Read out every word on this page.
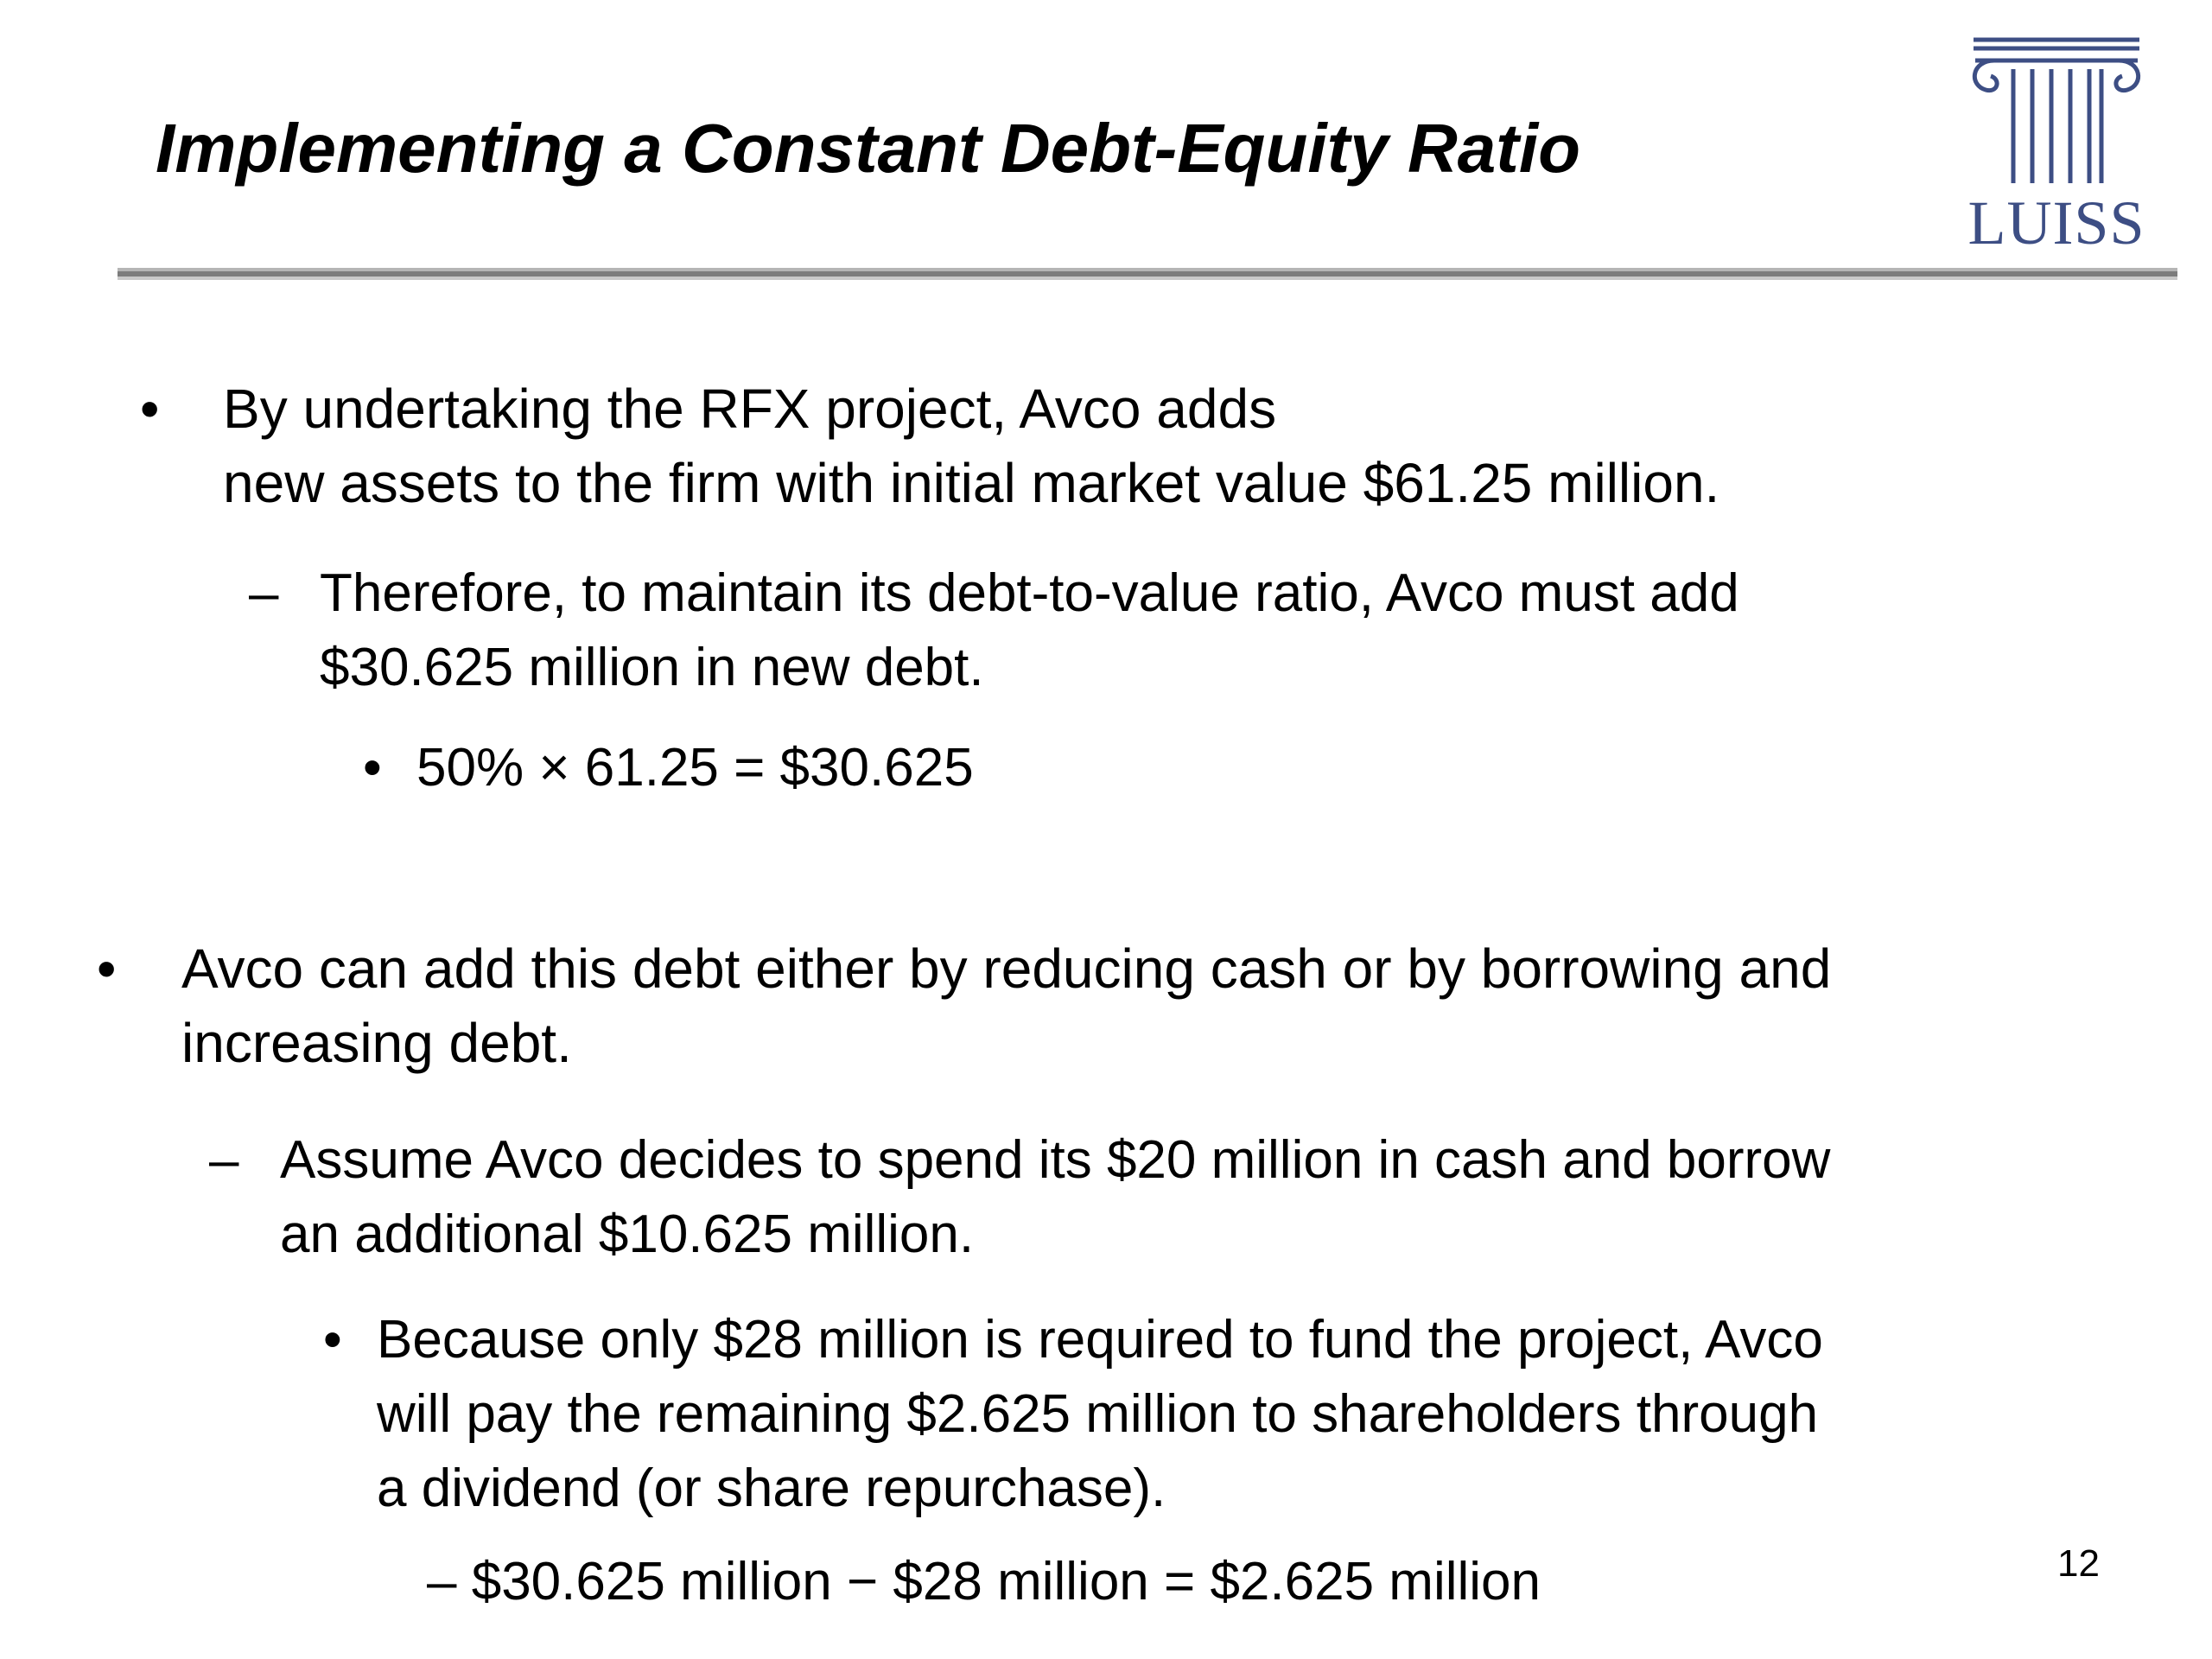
Implementing a Constant Debt-Equity Ratio
LUISS
• By undertaking the RFX project, Avco adds
new assets to the firm with initial market value $61.25 million.
– Therefore, to maintain its debt-to-value ratio, Avco must add
$30.625 million in new debt.
• 50% × 61.25 = $30.625
• Avco can add this debt either by reducing cash or by borrowing and
increasing debt.
– Assume Avco decides to spend its $20 million in cash and borrow
an additional $10.625 million.
• Because only $28 million is required to fund the project, Avco
will pay the remaining $2.625 million to shareholders through
a dividend (or share repurchase).
– $30.625 million − $28 million = $2.625 million	12
